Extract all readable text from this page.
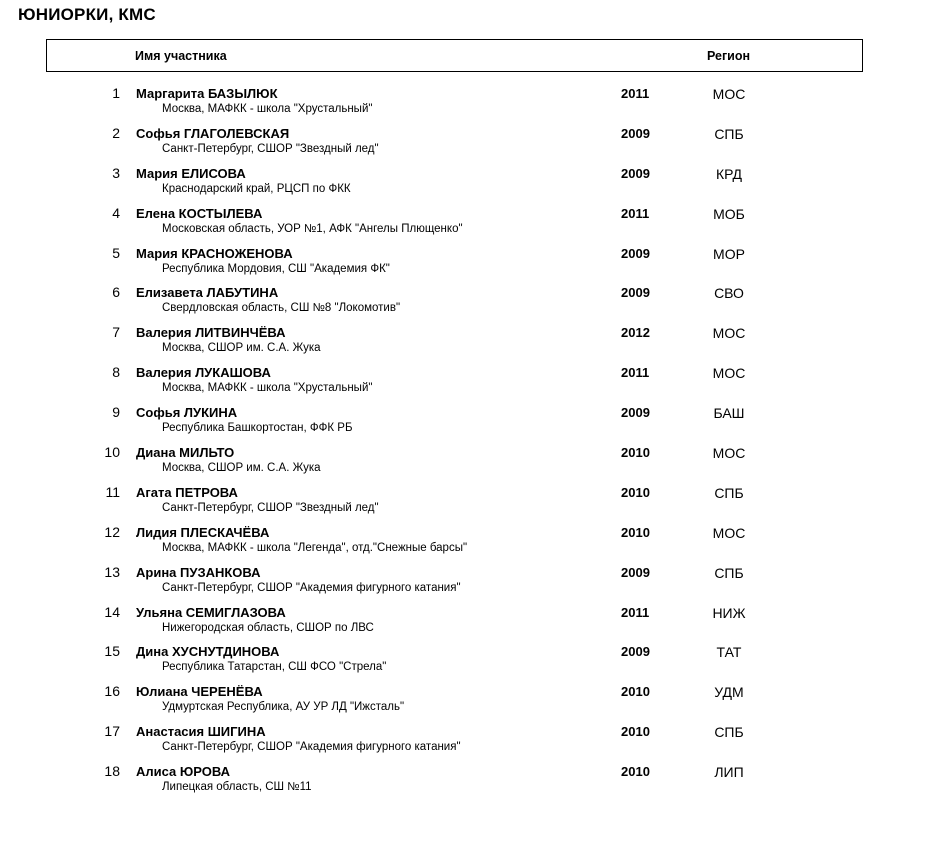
ЮНИОРКИ, КМС
Имя участника	Регион
1 Маргарита БАЗЫЛЮК
Москва, МАФКК - школа "Хрустальный"
2011	МОС
2 Софья ГЛАГОЛЕВСКАЯ
Санкт-Петербург, СШОР "Звездный лед"
2009	СПБ
3 Мария ЕЛИСОВА
Краснодарский край, РЦСП по ФКК
2009	КРД
4 Елена КОСТЫЛЕВА
Московская область, УОР №1, АФК "Ангелы Плющенко"
2011	МОБ
5 Мария КРАСНОЖЕНОВА
Республика Мордовия, СШ "Академия ФК"
2009	МОР
6 Елизавета ЛАБУТИНА
Свердловская область, СШ №8 "Локомотив"
2009	СВО
7 Валерия ЛИТВИНЧЁВА
Москва, СШОР им. С.А. Жука
2012	МОС
8 Валерия ЛУКАШОВА
Москва, МАФКК - школа "Хрустальный"
2011	МОС
9 Софья ЛУКИНА
Республика Башкортостан, ФФК РБ
2009	БАШ
10 Диана МИЛЬТО
Москва, СШОР им. С.А. Жука
2010	МОС
11 Агата ПЕТРОВА
Санкт-Петербург, СШОР "Звездный лед"
2010	СПБ
12 Лидия ПЛЕСКАЧЁВА
Москва, МАФКК - школа "Легенда", отд."Снежные барсы"
2010	МОС
13 Арина ПУЗАНКОВА
Санкт-Петербург, СШОР "Академия фигурного катания"
2009	СПБ
14 Ульяна СЕМИГЛАЗОВА
Нижегородская область, СШОР по ЛВС
2011	НИЖ
15 Дина ХУСНУТДИНОВА
Республика Татарстан, СШ ФСО "Стрела"
2009	ТАТ
16 Юлиана ЧЕРЕНЁВА
Удмуртская Республика, АУ УР ЛД "Ижсталь"
2010	УДМ
17 Анастасия ШИГИНА
Санкт-Петербург, СШОР "Академия фигурного катания"
2010	СПБ
18 Алиса ЮРОВА
Липецкая область, СШ №11
2010	ЛИП
